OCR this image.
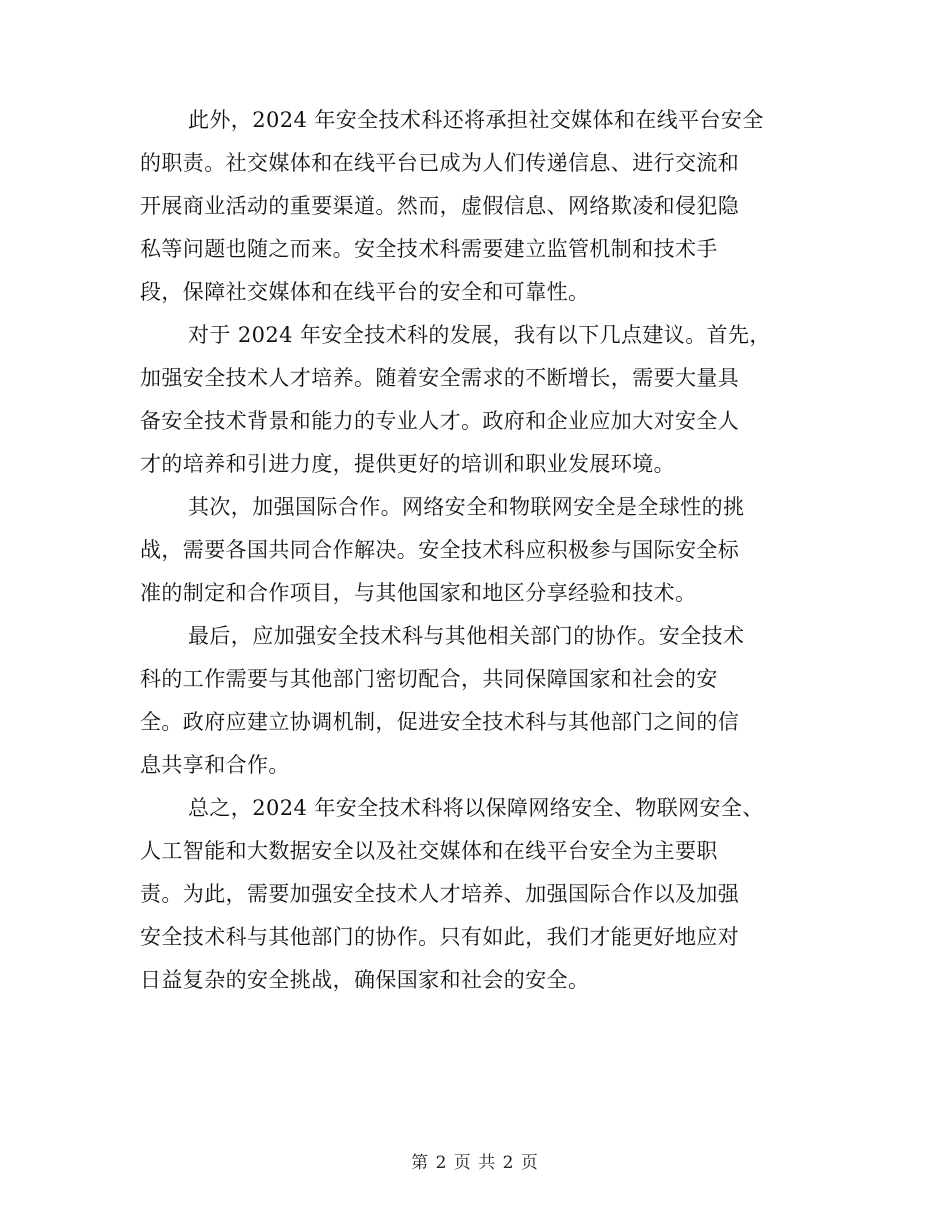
此外，2024 年安全技术科还将承担社交媒体和在线平台安全
的职责。社交媒体和在线平台已成为人们传递信息、进行交流和
开展商业活动的重要渠道。然而，虚假信息、网络欺凌和侵犯隐
私等问题也随之而来。安全技术科需要建立监管机制和技术手
段，保障社交媒体和在线平台的安全和可靠性。

对于 2024 年安全技术科的发展，我有以下几点建议。首先，
加强安全技术人才培养。随着安全需求的不断增长，需要大量具
备安全技术背景和能力的专业人才。政府和企业应加大对安全人
才的培养和引进力度，提供更好的培训和职业发展环境。

其次，加强国际合作。网络安全和物联网安全是全球性的挑
战，需要各国共同合作解决。安全技术科应积极参与国际安全标
准的制定和合作项目，与其他国家和地区分享经验和技术。

最后，应加强安全技术科与其他相关部门的协作。安全技术
科的工作需要与其他部门密切配合，共同保障国家和社会的安
全。政府应建立协调机制，促进安全技术科与其他部门之间的信
息共享和合作。

总之，2024 年安全技术科将以保障网络安全、物联网安全、
人工智能和大数据安全以及社交媒体和在线平台安全为主要职
责。为此，需要加强安全技术人才培养、加强国际合作以及加强
安全技术科与其他部门的协作。只有如此，我们才能更好地应对
日益复杂的安全挑战，确保国家和社会的安全。

第 2 页 共 2 页
